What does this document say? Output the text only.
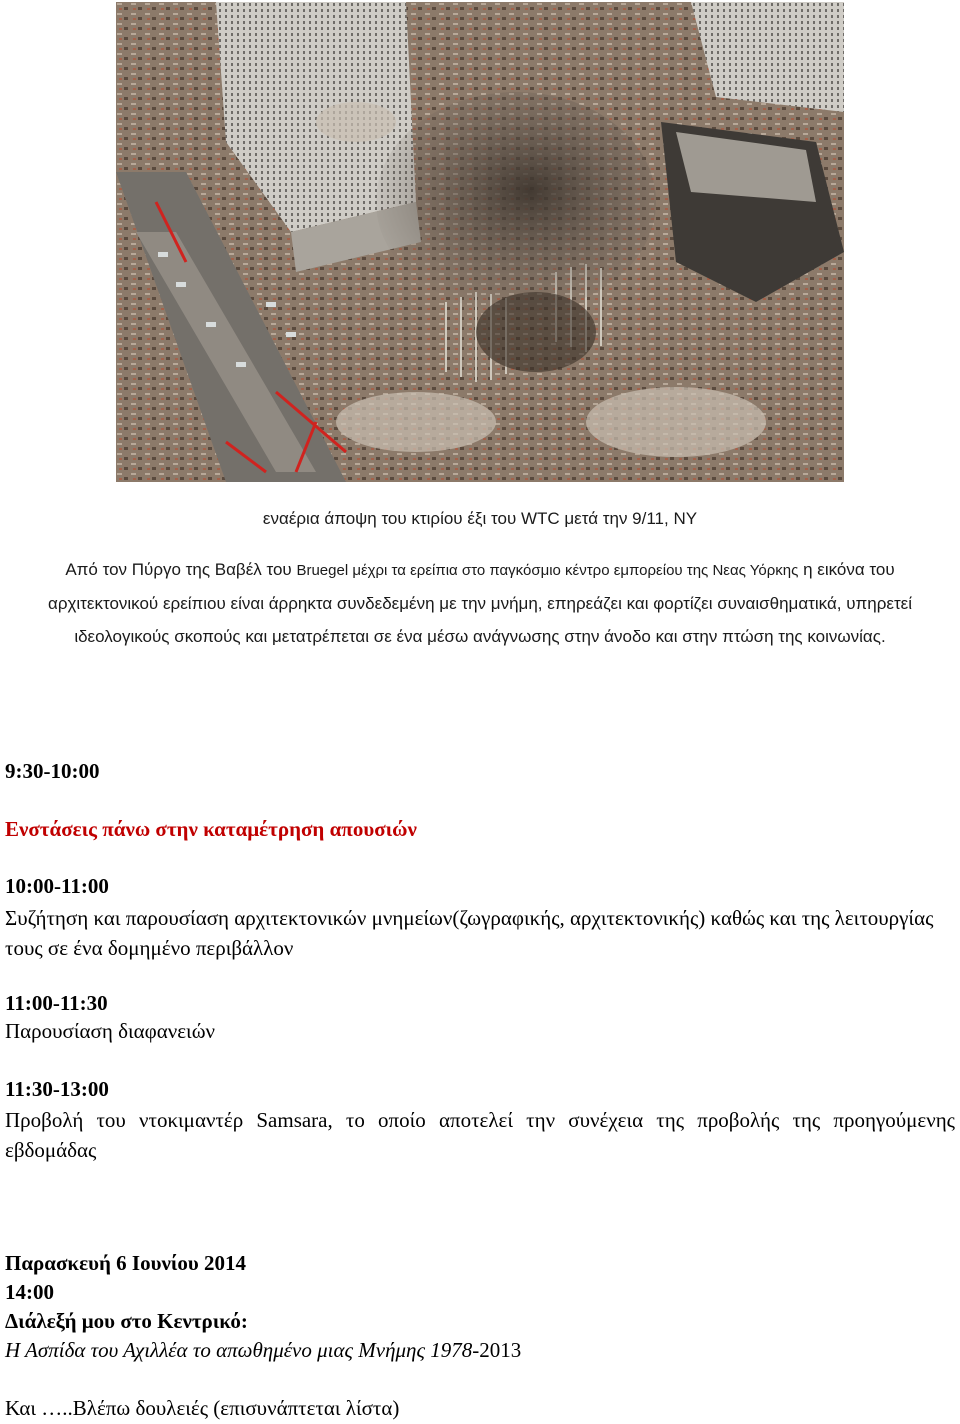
εναέρια άποψη του κτιρίου έξι του WTC μετά την 9/11, NY

Από τον Πύργο της Βαβέλ του Bruegel μέχρι τα ερείπια στο παγκόσμιο κέντρο εμπορείου της Νεας Υόρκης η εικόνα του αρχιτεκτονικού ερείπιου είναι άρρηκτα συνδεδεμένη με την μνήμη, επηρεάζει και φορτίζει συναισθηματικά, υπηρετεί ιδεολογικούς σκοπούς και μετατρέπεται σε ένα μέσω ανάγνωσης στην άνοδο και στην πτώση της κοινωνίας.

9:30-10:00
Ενστάσεις πάνω στην καταμέτρηση απουσιών
10:00-11:00
Συζήτηση και παρουσίαση αρχιτεκτονικών μνημείων(ζωγραφικής, αρχιτεκτονικής) καθώς και της λειτουργίας τους σε ένα δομημένο περιβάλλον
11:00-11:30
Παρουσίαση διαφανειών
11:30-13:00
Προβολή του ντοκιμαντέρ Samsara, το οποίο αποτελεί την συνέχεια της προβολής της προηγούμενης εβδομάδας
Παρασκευή 6 Ιουνίου 2014
14:00
Διάλεξή μου στο Κεντρικό:
Η Ασπίδα του Αχιλλέα το απωθημένο μιας Μνήμης 1978-2013
Και …..Βλέπω δουλειές (επισυνάπτεται λίστα)
